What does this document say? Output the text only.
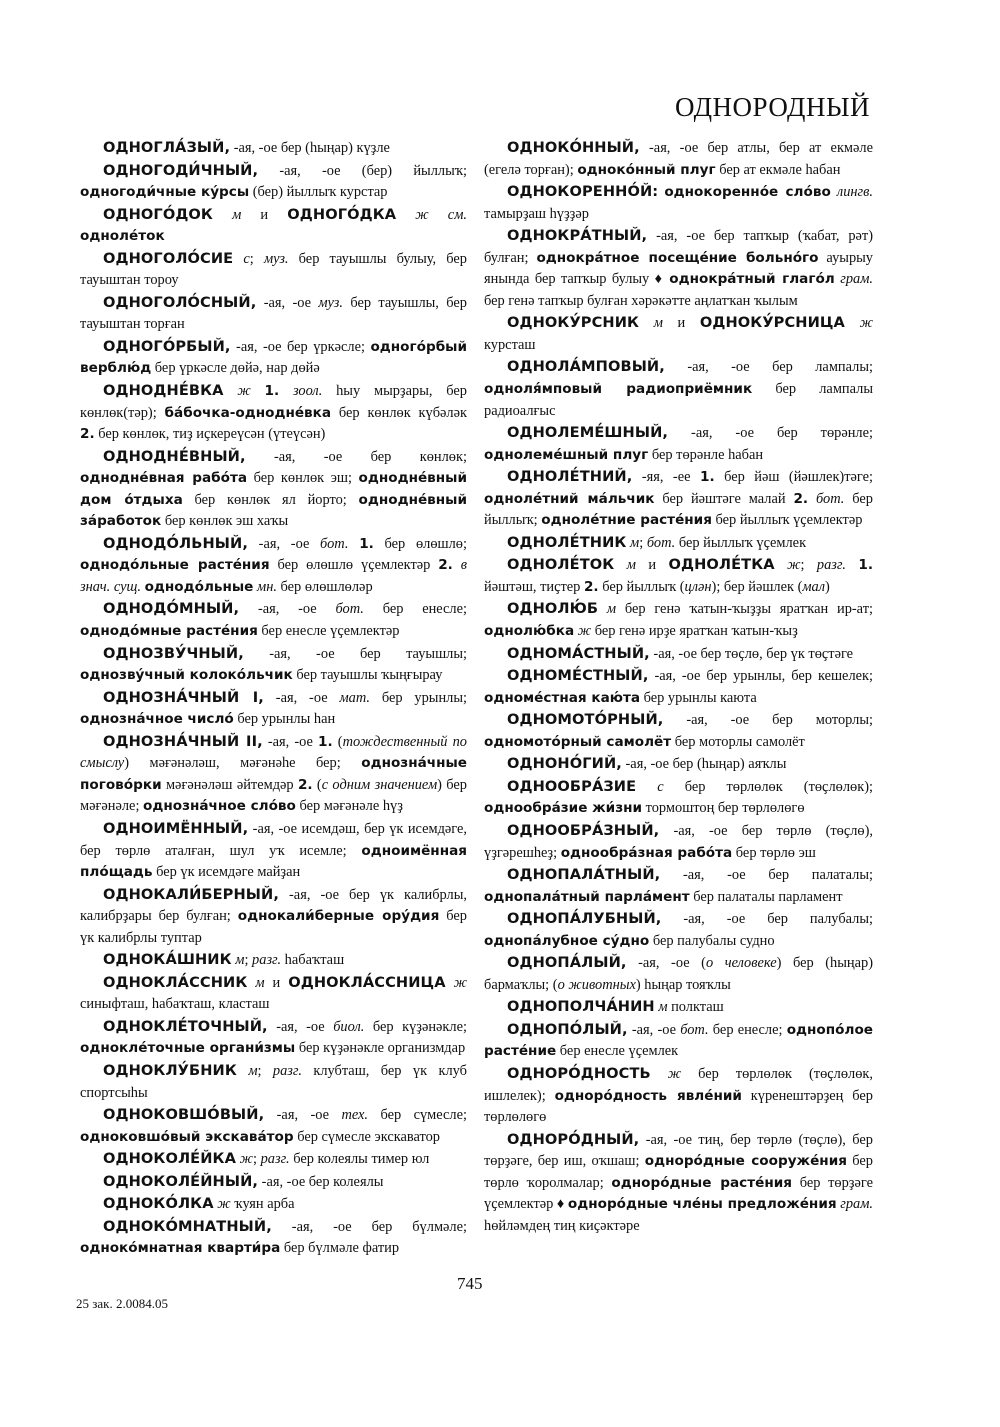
ОДНОРОДНЫЙ

ОДНОГЛА́ЗЫЙ, -ая, -ое бер (һыңар) күҙле

ОДНОГОДИ́ЧНЫЙ, -ая, -ое (бер) йыллыҡ; одногоди́чные ку́рсы (бер) йыллыҡ курстар

ОДНОГО́ДОК м и ОДНОГО́ДКА ж см. одноле́ток

ОДНОГОЛО́СИЕ с; муз. бер тауышлы булыу, бер тауыштан тороу

ОДНОГОЛО́СНЫЙ, -ая, -ое муз. бер тауышлы, бер тауыштан торған

ОДНОГО́РБЫЙ, -ая, -ое бер үркәсле; одного́рбый верблю́д бер үркәсле дөйә, нар дөйә

ОДНОДНЕ́ВКА ж 1. зоол. һыу мырҙары, бер көнлөк(тәр); ба́бочка-однодне́вка бер көнлөк күбәләк 2. бер көнлөк, тиҙ иҫкереүсән (үтеүсән)

ОДНОДНЕ́ВНЫЙ, -ая, -ое бер көнлөк; однодне́вная рабо́та бер көнлөк эш; однодне́вный дом о́тдыха бер көнлөк ял йорто; однодне́вный за́работок бер көнлөк эш хаҡы

ОДНОДО́ЛЬНЫЙ, -ая, -ое бот. 1. бер өлөшлө; однодо́льные расте́ния бер өлөшлө үҫемлектәр 2. в знач. сущ. однодо́льные мн. бер өлөшлөләр

ОДНОДО́МНЫЙ, -ая, -ое бот. бер енесле; однодо́мные расте́ния бер енесле үҫемлектәр

ОДНОЗВУ́ЧНЫЙ, -ая, -ое бер тауышлы; однозву́чный колоко́льчик бер тауышлы ҡыңғырау

ОДНОЗНА́ЧНЫЙ I, -ая, -ое мат. бер урынлы; однозна́чное число́ бер урынлы һан

ОДНОЗНА́ЧНЫЙ II, -ая, -ое 1. (тождественный по смыслу) мәғәнәләш, мәғәнәһе бер; однозна́чные погово́рки мәғәнәләш әйтемдәр 2. (с одним значением) бер мәғәнәле; однозна́чное сло́во бер мәғәнәле һүҙ

ОДНОИМЁННЫЙ, -ая, -ое исемдәш, бер үк исемдәге, бер төрлө аталған, шул уҡ исемле; одноимённая пло́щадь бер үк исемдәге майҙан

ОДНОКАЛИ́БЕРНЫЙ, -ая, -ое бер үк калибрлы, калибрҙары бер булған; однокали́берные ору́дия бер үк калибрлы туптар

ОДНОКА́ШНИК м; разг. һабаҡташ

ОДНОКЛА́ССНИК м и ОДНОКЛА́ССНИЦА ж синыфташ, һабаҡташ, класташ

ОДНОКЛЕ́ТОЧНЫЙ, -ая, -ое биол. бер күҙәнәкле; однокле́точные органи́змы бер күҙәнәкле организмдар

ОДНОКЛУ́БНИК м; разг. клубташ, бер үк клуб спортсыһы

ОДНОКОВШО́ВЫЙ, -ая, -ое тех. бер сүмесле; одноковшо́вый экскава́тор бер сүмесле экскаватор

ОДНОКОЛЕ́ЙКА ж; разг. бер колеялы тимер юл

ОДНОКОЛЕ́ЙНЫЙ, -ая, -ое бер колеялы

ОДНОКО́ЛКА ж ҡуян арба

ОДНОКО́МНАТНЫЙ, -ая, -ое бер бүлмәле; одноко́мнатная кварти́ра бер бүлмәле фатир

ОДНОКО́ННЫЙ, -ая, -ое бер атлы, бер ат екмәле (егелә торған); одноко́нный плуг бер ат екмәле һабан

ОДНОКОРЕННО́Й: однокоренно́е сло́во лингв. тамырҙаш һүҙҙәр

ОДНОКРА́ТНЫЙ, -ая, -ое бер тапҡыр (ҡабат, рәт) булған; однокра́тное посеще́ние больно́го ауырыу янында бер тапҡыр булыу ♦ однокра́тный глаго́л грам. бер генә тапҡыр булған хәрәкәтте аңлатҡан ҡылым

ОДНОКУ́РСНИК м и ОДНОКУ́РСНИЦА ж курсташ

ОДНОЛА́МПОВЫЙ, -ая, -ое бер лампалы; одноля́мповый радиоприёмник бер лампалы радиоалғыс

ОДНОЛЕМЕ́ШНЫЙ, -ая, -ое бер төрәнле; однолеме́шный плуг бер төрәнле һабан

ОДНОЛЕ́ТНИЙ, -яя, -ее 1. бер йәш (йәшлек)тәге; одноле́тний ма́льчик бер йәштәге малай 2. бот. бер йыллыҡ; одноле́тние расте́ния бер йыллыҡ үҫемлектәр

ОДНОЛЕ́ТНИК м; бот. бер йыллыҡ үҫемлек

ОДНОЛЕ́ТОК м и ОДНОЛЕ́ТКА ж; разг. 1. йәштәш, тиҫтер 2. бер йыллыҡ (цлән); бер йәшлек (мал)

ОДНОЛЮ́Б м бер генә ҡатын-ҡыҙҙы яратҡан ир-ат; однолю́бка ж бер генә ирҙе яратҡан ҡатын-ҡыҙ

ОДНОМА́СТНЫЙ, -ая, -ое бер төҫлө, бер үк төҫтәге

ОДНОМЕ́СТНЫЙ, -ая, -ое бер урынлы, бер кешелек; одноме́стная каю́та бер урынлы каюта

ОДНОМОТО́РНЫЙ, -ая, -ое бер моторлы; одномото́рный самолёт бер моторлы самолёт

ОДНОНО́ГИЙ, -ая, -ое бер (һыңар) аяҡлы

ОДНООБРА́ЗИЕ с бер төрлөлөк (төҫлөлөк); однообра́зие жи́зни тормоштоң бер төрлөлөгө

ОДНООБРА́ЗНЫЙ, -ая, -ое бер төрлө (төҫлө), үҙгәрешһеҙ; однообра́зная рабо́та бер төрлө эш

ОДНОПАЛА́ТНЫЙ, -ая, -ое бер палаталы; однопала́тный парла́мент бер палаталы парламент

ОДНОПА́ЛУБНЫЙ, -ая, -ое бер палубалы; однопа́лубное су́дно бер палубалы судно

ОДНОПА́ЛЫЙ, -ая, -ое (о человеке) бер (һыңар) бармаҡлы; (о животных) һыңар тояҡлы

ОДНОПОЛЧА́НИН м полкташ

ОДНОПО́ЛЫЙ, -ая, -ое бот. бер енесле; однопо́лое расте́ние бер енесле үҫемлек

ОДНОРО́ДНОСТЬ ж бер төрлөлөк (төҫлөлөк, ишлелек); одноро́дность явле́ний күренештәрҙең бер төрлөлөгө

ОДНОРО́ДНЫЙ, -ая, -ое тиң, бер төрлө (төҫлө), бер төрҙәге, бер иш, оҡшаш; одноро́дные сооруже́ния бер төрлө ҡоролмалар; одноро́дные расте́ния бер төрҙәге үҫемлектәр ♦ одноро́дные чле́ны предложе́ния грам. һөйләмдең тиң киҫәктәре

745
25 зак. 2.0084.05
